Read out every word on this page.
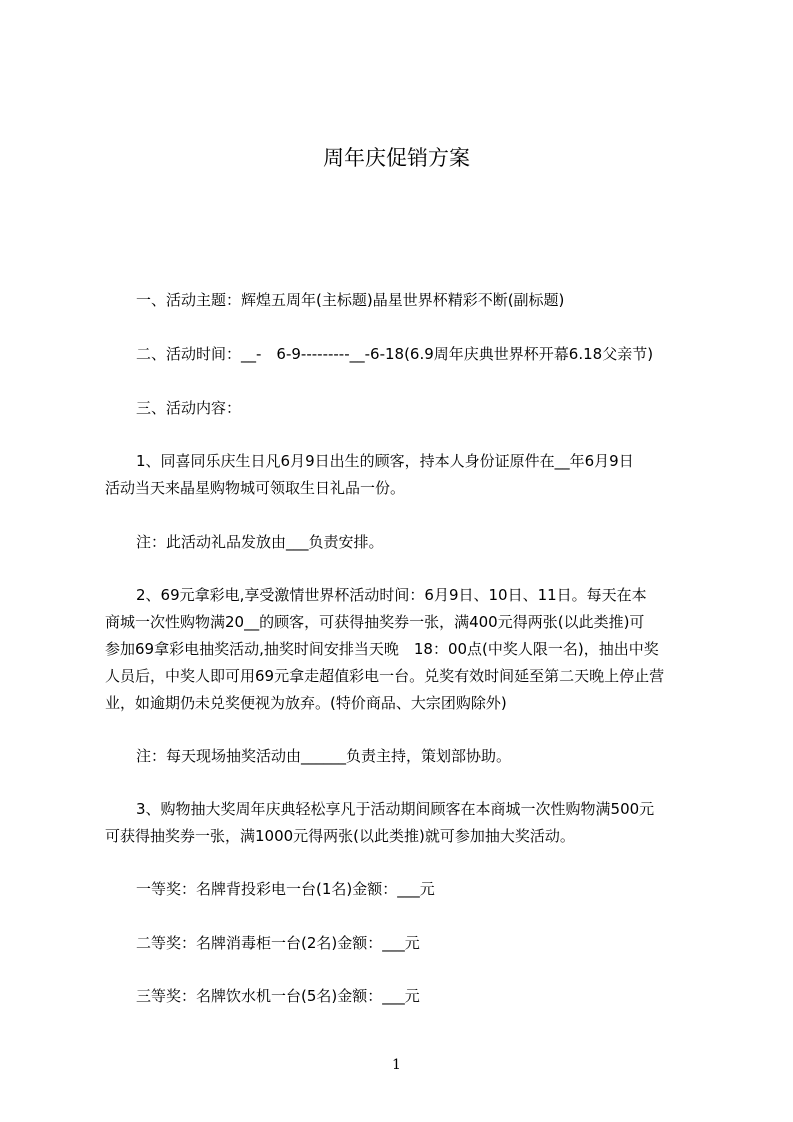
周年庆促销方案
一、活动主题：辉煌五周年(主标题)晶星世界杯精彩不断(副标题)
二、活动时间：__-　6-9---------__-6-18(6.9周年庆典世界杯开幕6.18父亲节)
三、活动内容：
1、同喜同乐庆生日凡6月9日出生的顾客，持本人身份证原件在__年6月9日
活动当天来晶星购物城可领取生日礼品一份。
注：此活动礼品发放由___负责安排。
2、69元拿彩电,享受激情世界杯活动时间：6月9日、10日、11日。每天在本
商城一次性购物满20__的顾客，可获得抽奖券一张，满400元得两张(以此类推)可
参加69拿彩电抽奖活动,抽奖时间安排当天晚　18：00点(中奖人限一名)，抽出中奖
人员后，中奖人即可用69元拿走超值彩电一台。兑奖有效时间延至第二天晚上停止营
业，如逾期仍未兑奖便视为放弃。(特价商品、大宗团购除外)
注：每天现场抽奖活动由______负责主持，策划部协助。
3、购物抽大奖周年庆典轻松享凡于活动期间顾客在本商城一次性购物满500元
可获得抽奖券一张，满1000元得两张(以此类推)就可参加抽大奖活动。
一等奖：名牌背投彩电一台(1名)金额：___元
二等奖：名牌消毒柜一台(2名)金额：___元
三等奖：名牌饮水机一台(5名)金额：___元
1
